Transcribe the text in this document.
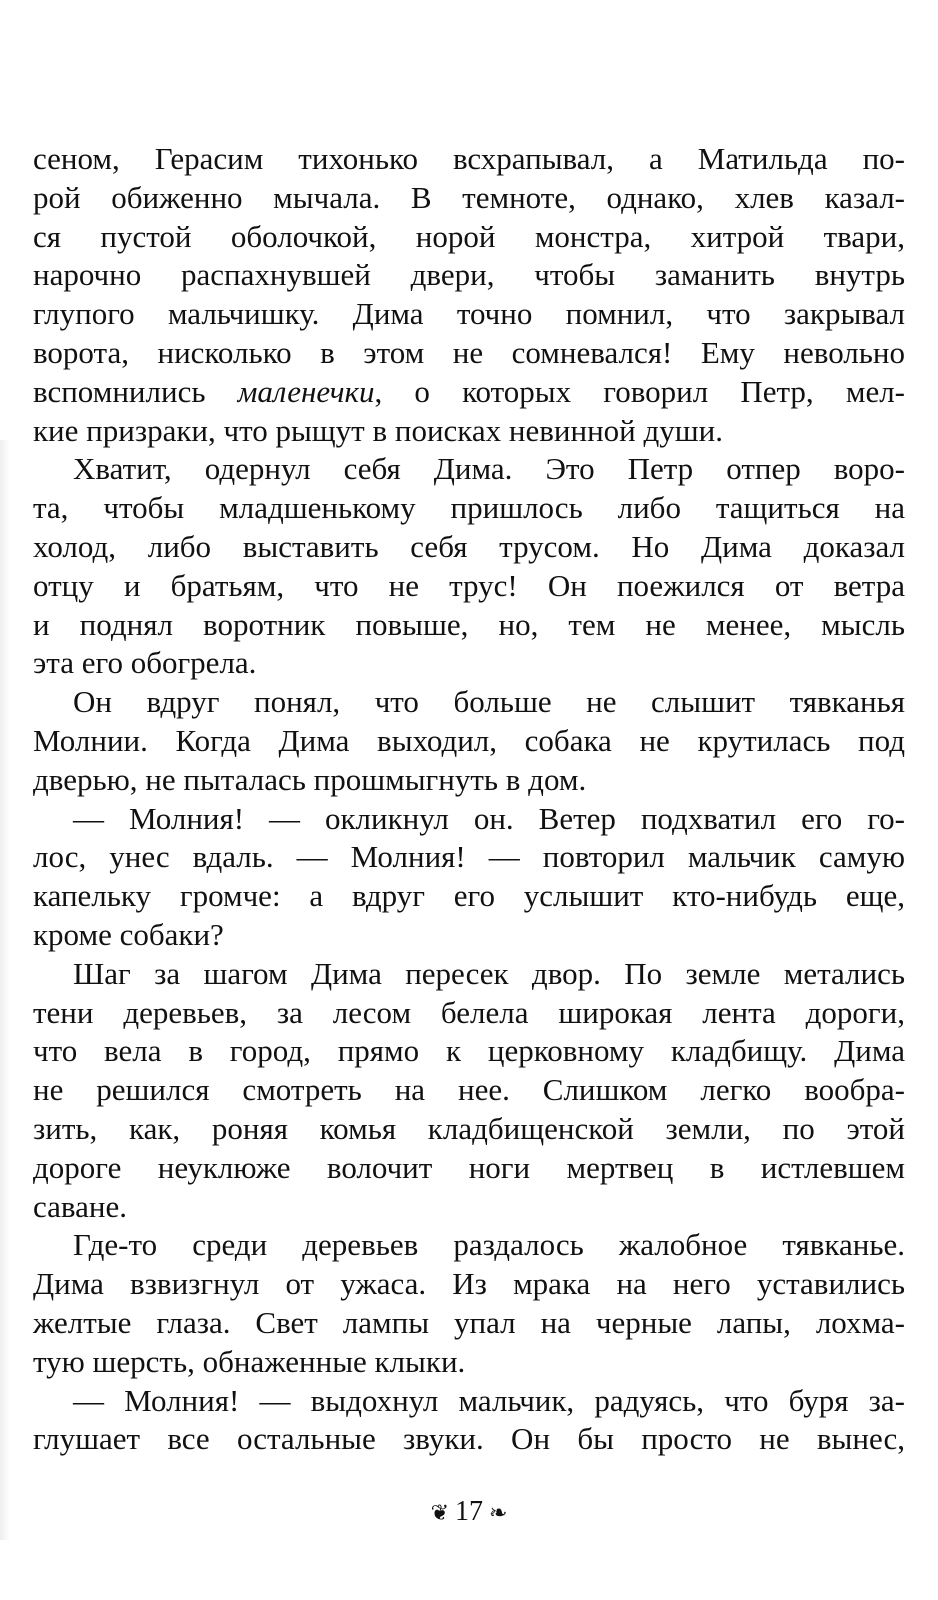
сеном, Герасим тихонько всхрапывал, а Матильда по-
рой обиженно мычала. В темноте, однако, хлев казал-
ся пустой оболочкой, норой монстра, хитрой твари,
нарочно распахнувшей двери, чтобы заманить внутрь
глупого мальчишку. Дима точно помнил, что закрывал
ворота, нисколько в этом не сомневался! Ему невольно
вспомнились маленечки, о которых говорил Петр, мел-
кие призраки, что рыщут в поисках невинной души.
Хватит, одернул себя Дима. Это Петр отпер воро-
та, чтобы младшенькому пришлось либо тащиться на
холод, либо выставить себя трусом. Но Дима доказал
отцу и братьям, что не трус! Он поежился от ветра
и поднял воротник повыше, но, тем не менее, мысль
эта его обогрела.
Он вдруг понял, что больше не слышит тявканья
Молнии. Когда Дима выходил, собака не крутилась под
дверью, не пыталась прошмыгнуть в дом.
— Молния! — окликнул он. Ветер подхватил его го-
лос, унес вдаль. — Молния! — повторил мальчик самую
капельку громче: а вдруг его услышит кто-нибудь еще,
кроме собаки?
Шаг за шагом Дима пересек двор. По земле метались
тени деревьев, за лесом белела широкая лента дороги,
что вела в город, прямо к церковному кладбищу. Дима
не решился смотреть на нее. Слишком легко вообра-
зить, как, роняя комья кладбищенской земли, по этой
дороге неуклюже волочит ноги мертвец в истлевшем
саване.
Где-то среди деревьев раздалось жалобное тявканье.
Дима взвизгнул от ужаса. Из мрака на него уставились
желтые глаза. Свет лампы упал на черные лапы, лохма-
тую шерсть, обнаженные клыки.
— Молния! — выдохнул мальчик, радуясь, что буря за-
глушает все остальные звуки. Он бы просто не вынес,
❦ 17 ❧
